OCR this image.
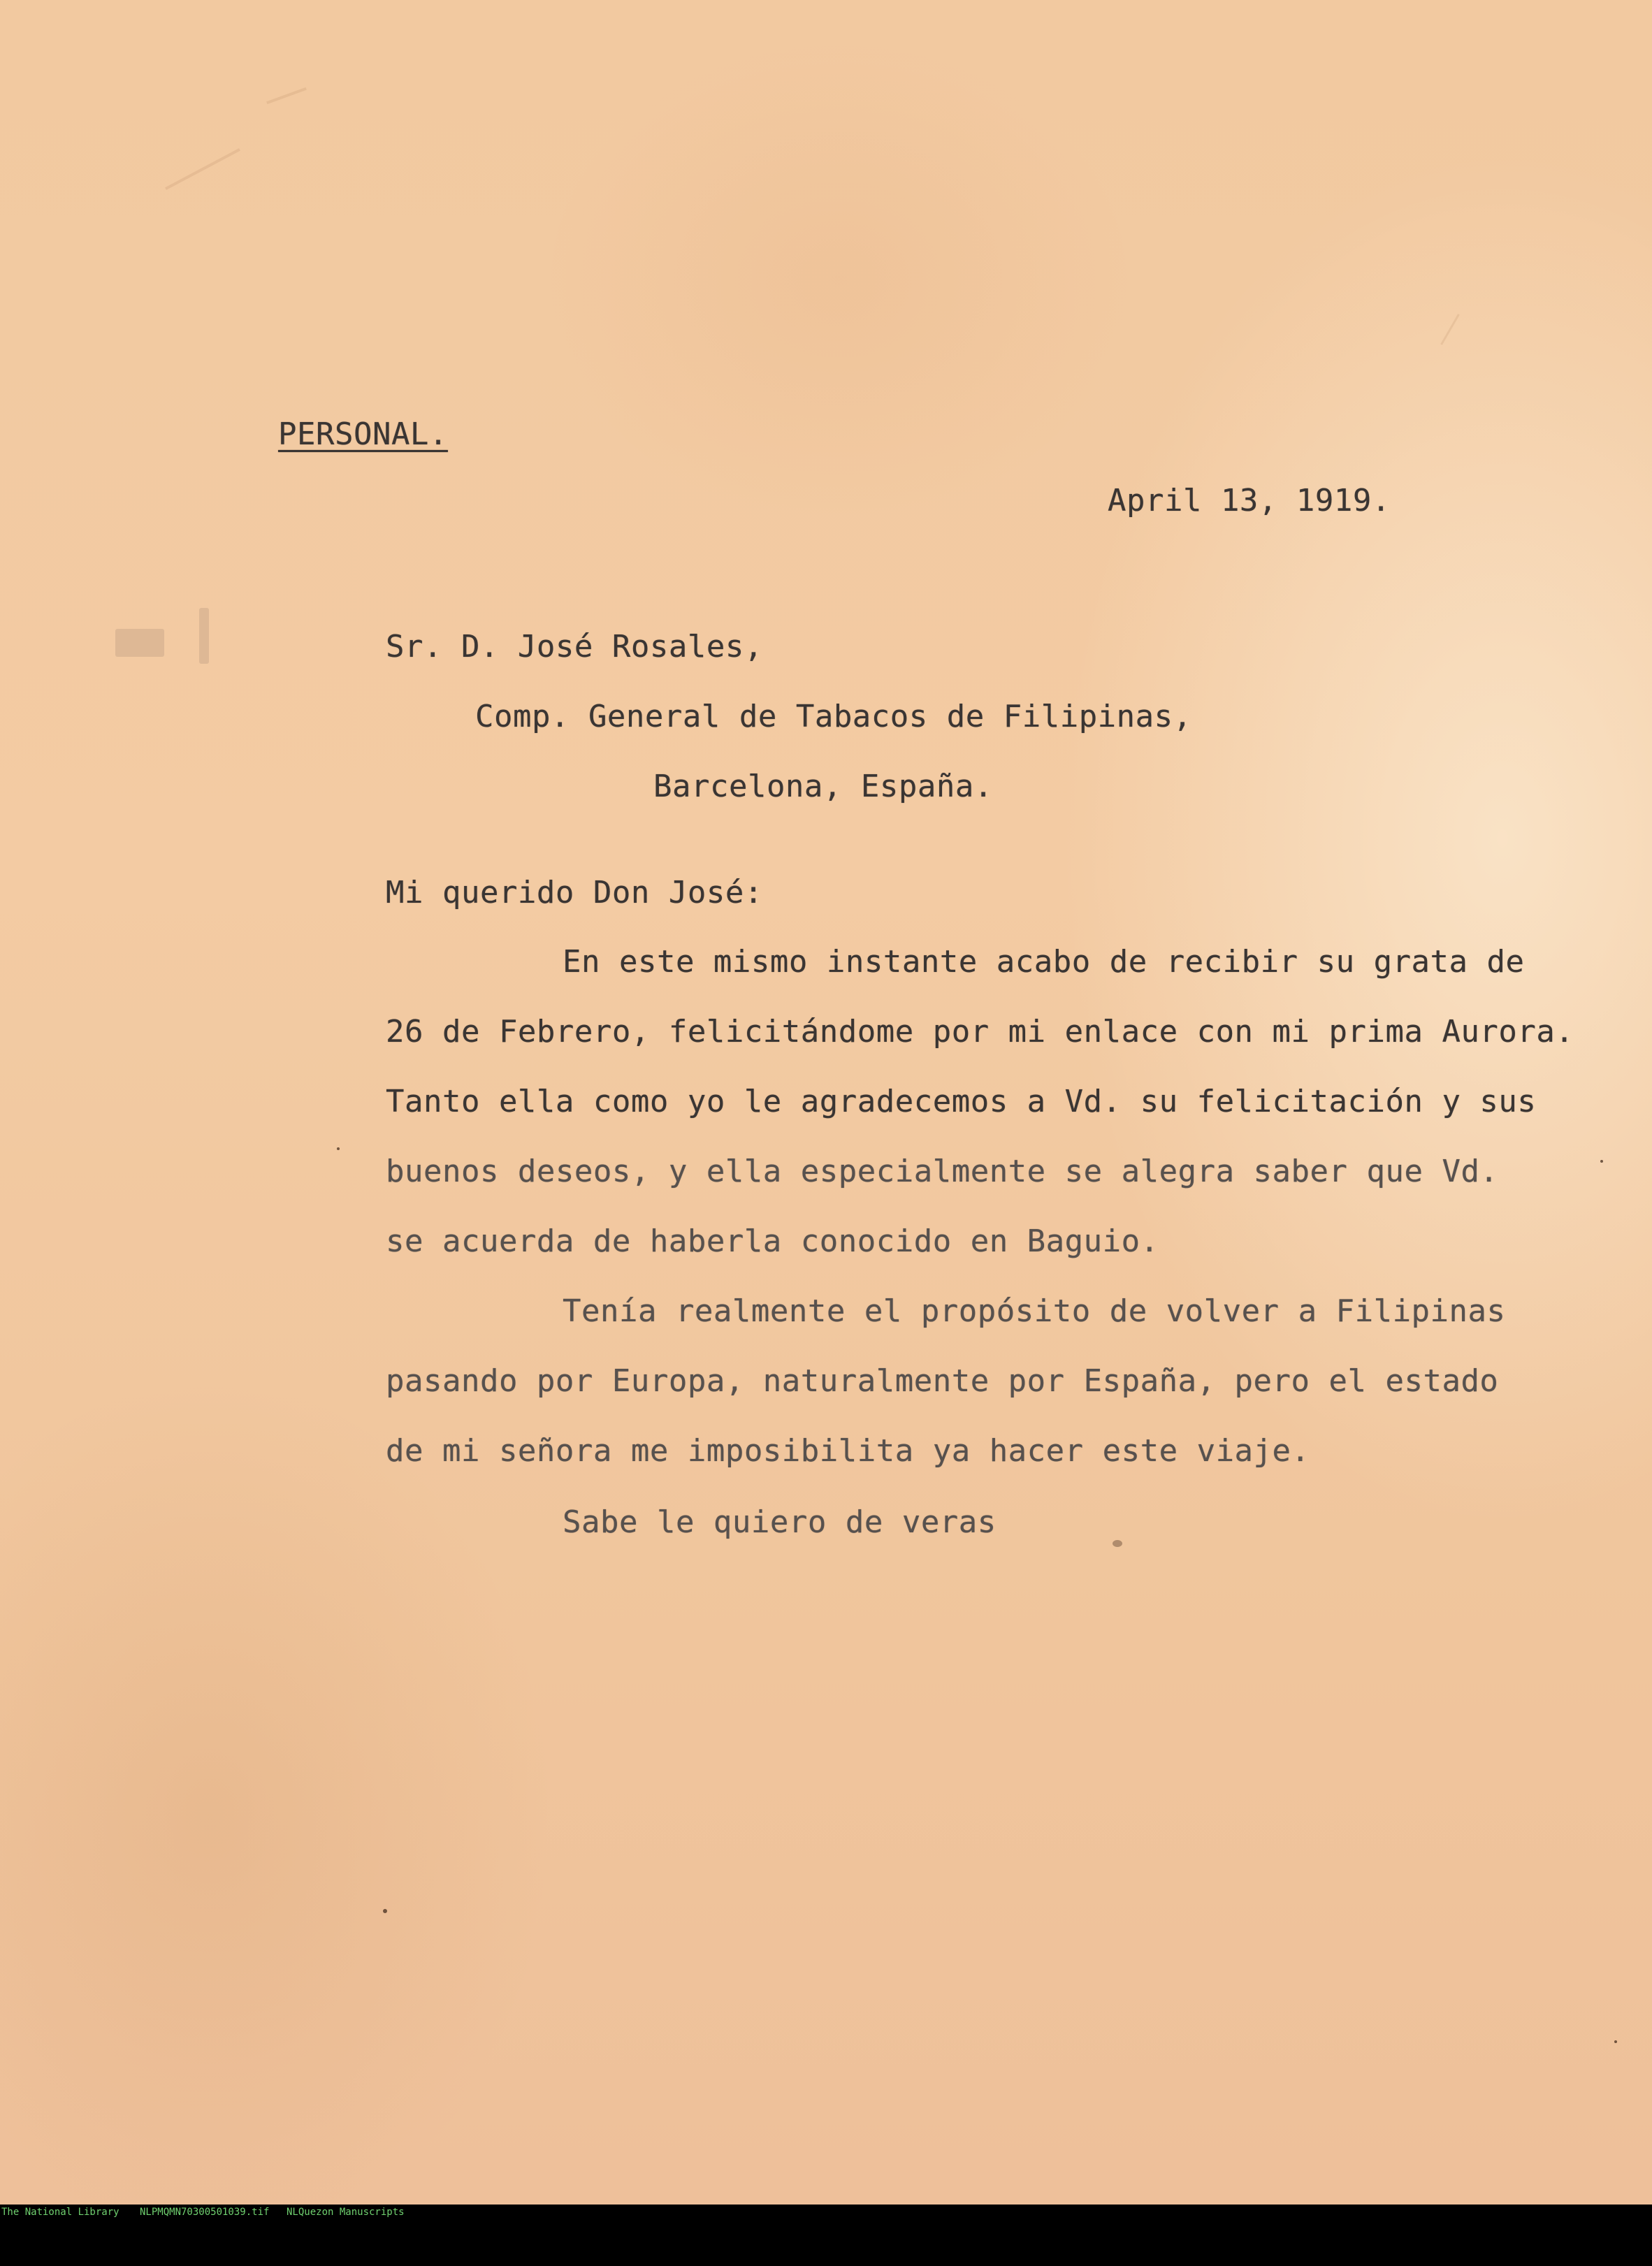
PERSONAL.
April 13, 1919.
Sr. D. José Rosales,
Comp. General de Tabacos de Filipinas,
Barcelona, España.
Mi querido Don José:
En este mismo instante acabo de recibir su grata de
26 de Febrero, felicitándome por mi enlace con mi prima Aurora.
Tanto ella como yo le agradecemos a Vd. su felicitación y sus
buenos deseos, y ella especialmente se alegra saber que Vd.
se acuerda de haberla conocido en Baguio.
Tenía realmente el propósito de volver a Filipinas
pasando por Europa, naturalmente por España, pero el estado
de mi señora me imposibilita ya hacer este viaje.
Sabe le quiero de veras

The National Library

NLPMQMN70300501039.tif

NLQuezon Manuscripts
